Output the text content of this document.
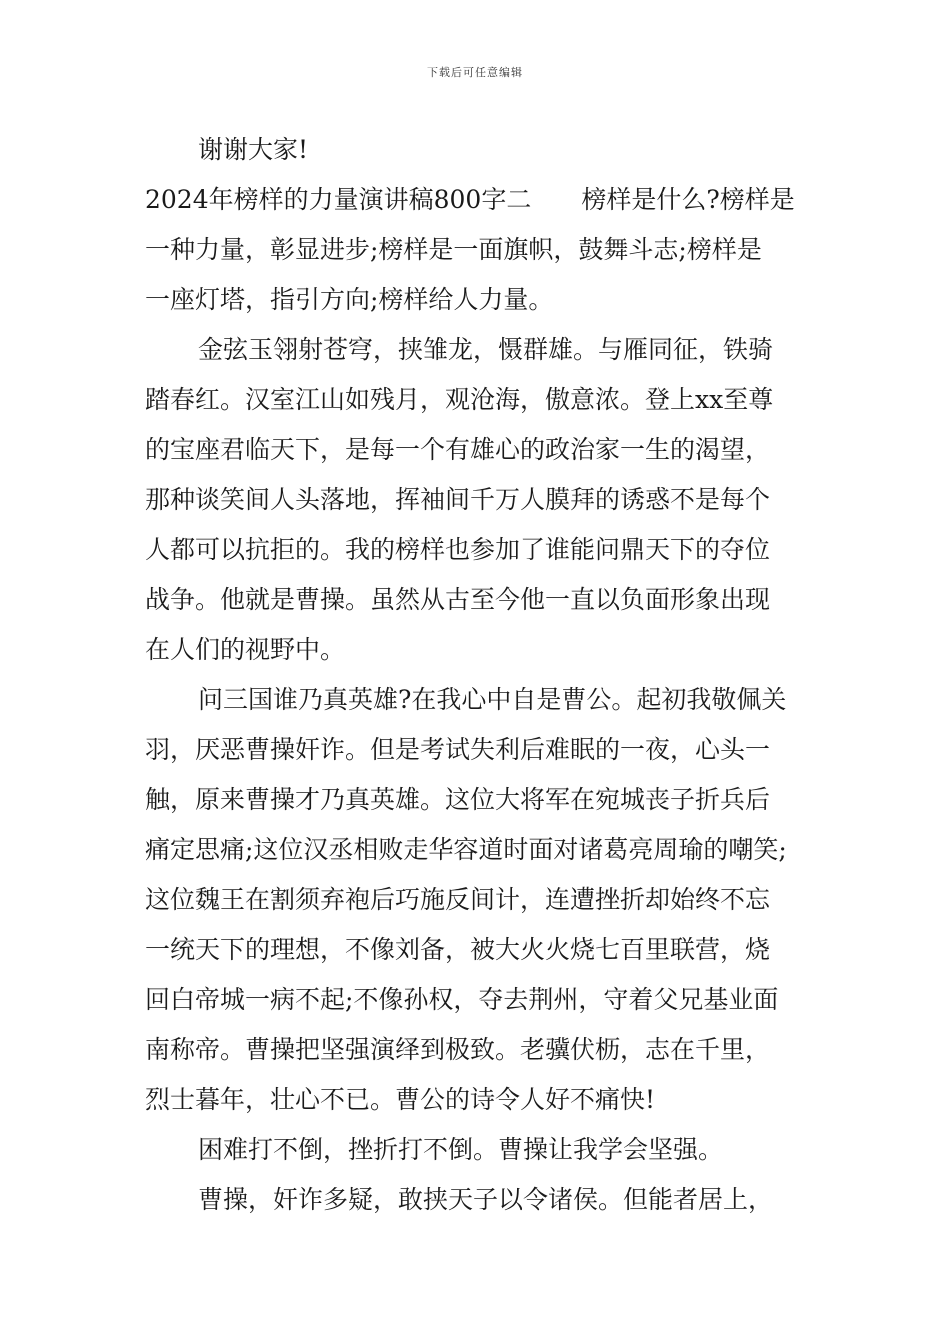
下载后可任意编辑
谢谢大家!
2024年榜样的力量演讲稿800字二　　榜样是什么?榜样是
一种力量，彰显进步;榜样是一面旗帜，鼓舞斗志;榜样是
一座灯塔，指引方向;榜样给人力量。
金弦玉翎射苍穹，挟雏龙，慑群雄。与雁同征，铁骑
踏春红。汉室江山如残月，观沧海，傲意浓。登上xx至尊
的宝座君临天下，是每一个有雄心的政治家一生的渴望，
那种谈笑间人头落地，挥袖间千万人膜拜的诱惑不是每个
人都可以抗拒的。我的榜样也参加了谁能问鼎天下的夺位
战争。他就是曹操。虽然从古至今他一直以负面形象出现
在人们的视野中。
问三国谁乃真英雄?在我心中自是曹公。起初我敬佩关
羽，厌恶曹操奸诈。但是考试失利后难眠的一夜，心头一
触，原来曹操才乃真英雄。这位大将军在宛城丧子折兵后
痛定思痛;这位汉丞相败走华容道时面对诸葛亮周瑜的嘲笑;
这位魏王在割须弃袍后巧施反间计，连遭挫折却始终不忘
一统天下的理想，不像刘备，被大火火烧七百里联营，烧
回白帝城一病不起;不像孙权，夺去荆州，守着父兄基业面
南称帝。曹操把坚强演绎到极致。老骥伏枥，志在千里，
烈士暮年，壮心不已。曹公的诗令人好不痛快!
困难打不倒，挫折打不倒。曹操让我学会坚强。
曹操，奸诈多疑，敢挟天子以令诸侯。但能者居上，
